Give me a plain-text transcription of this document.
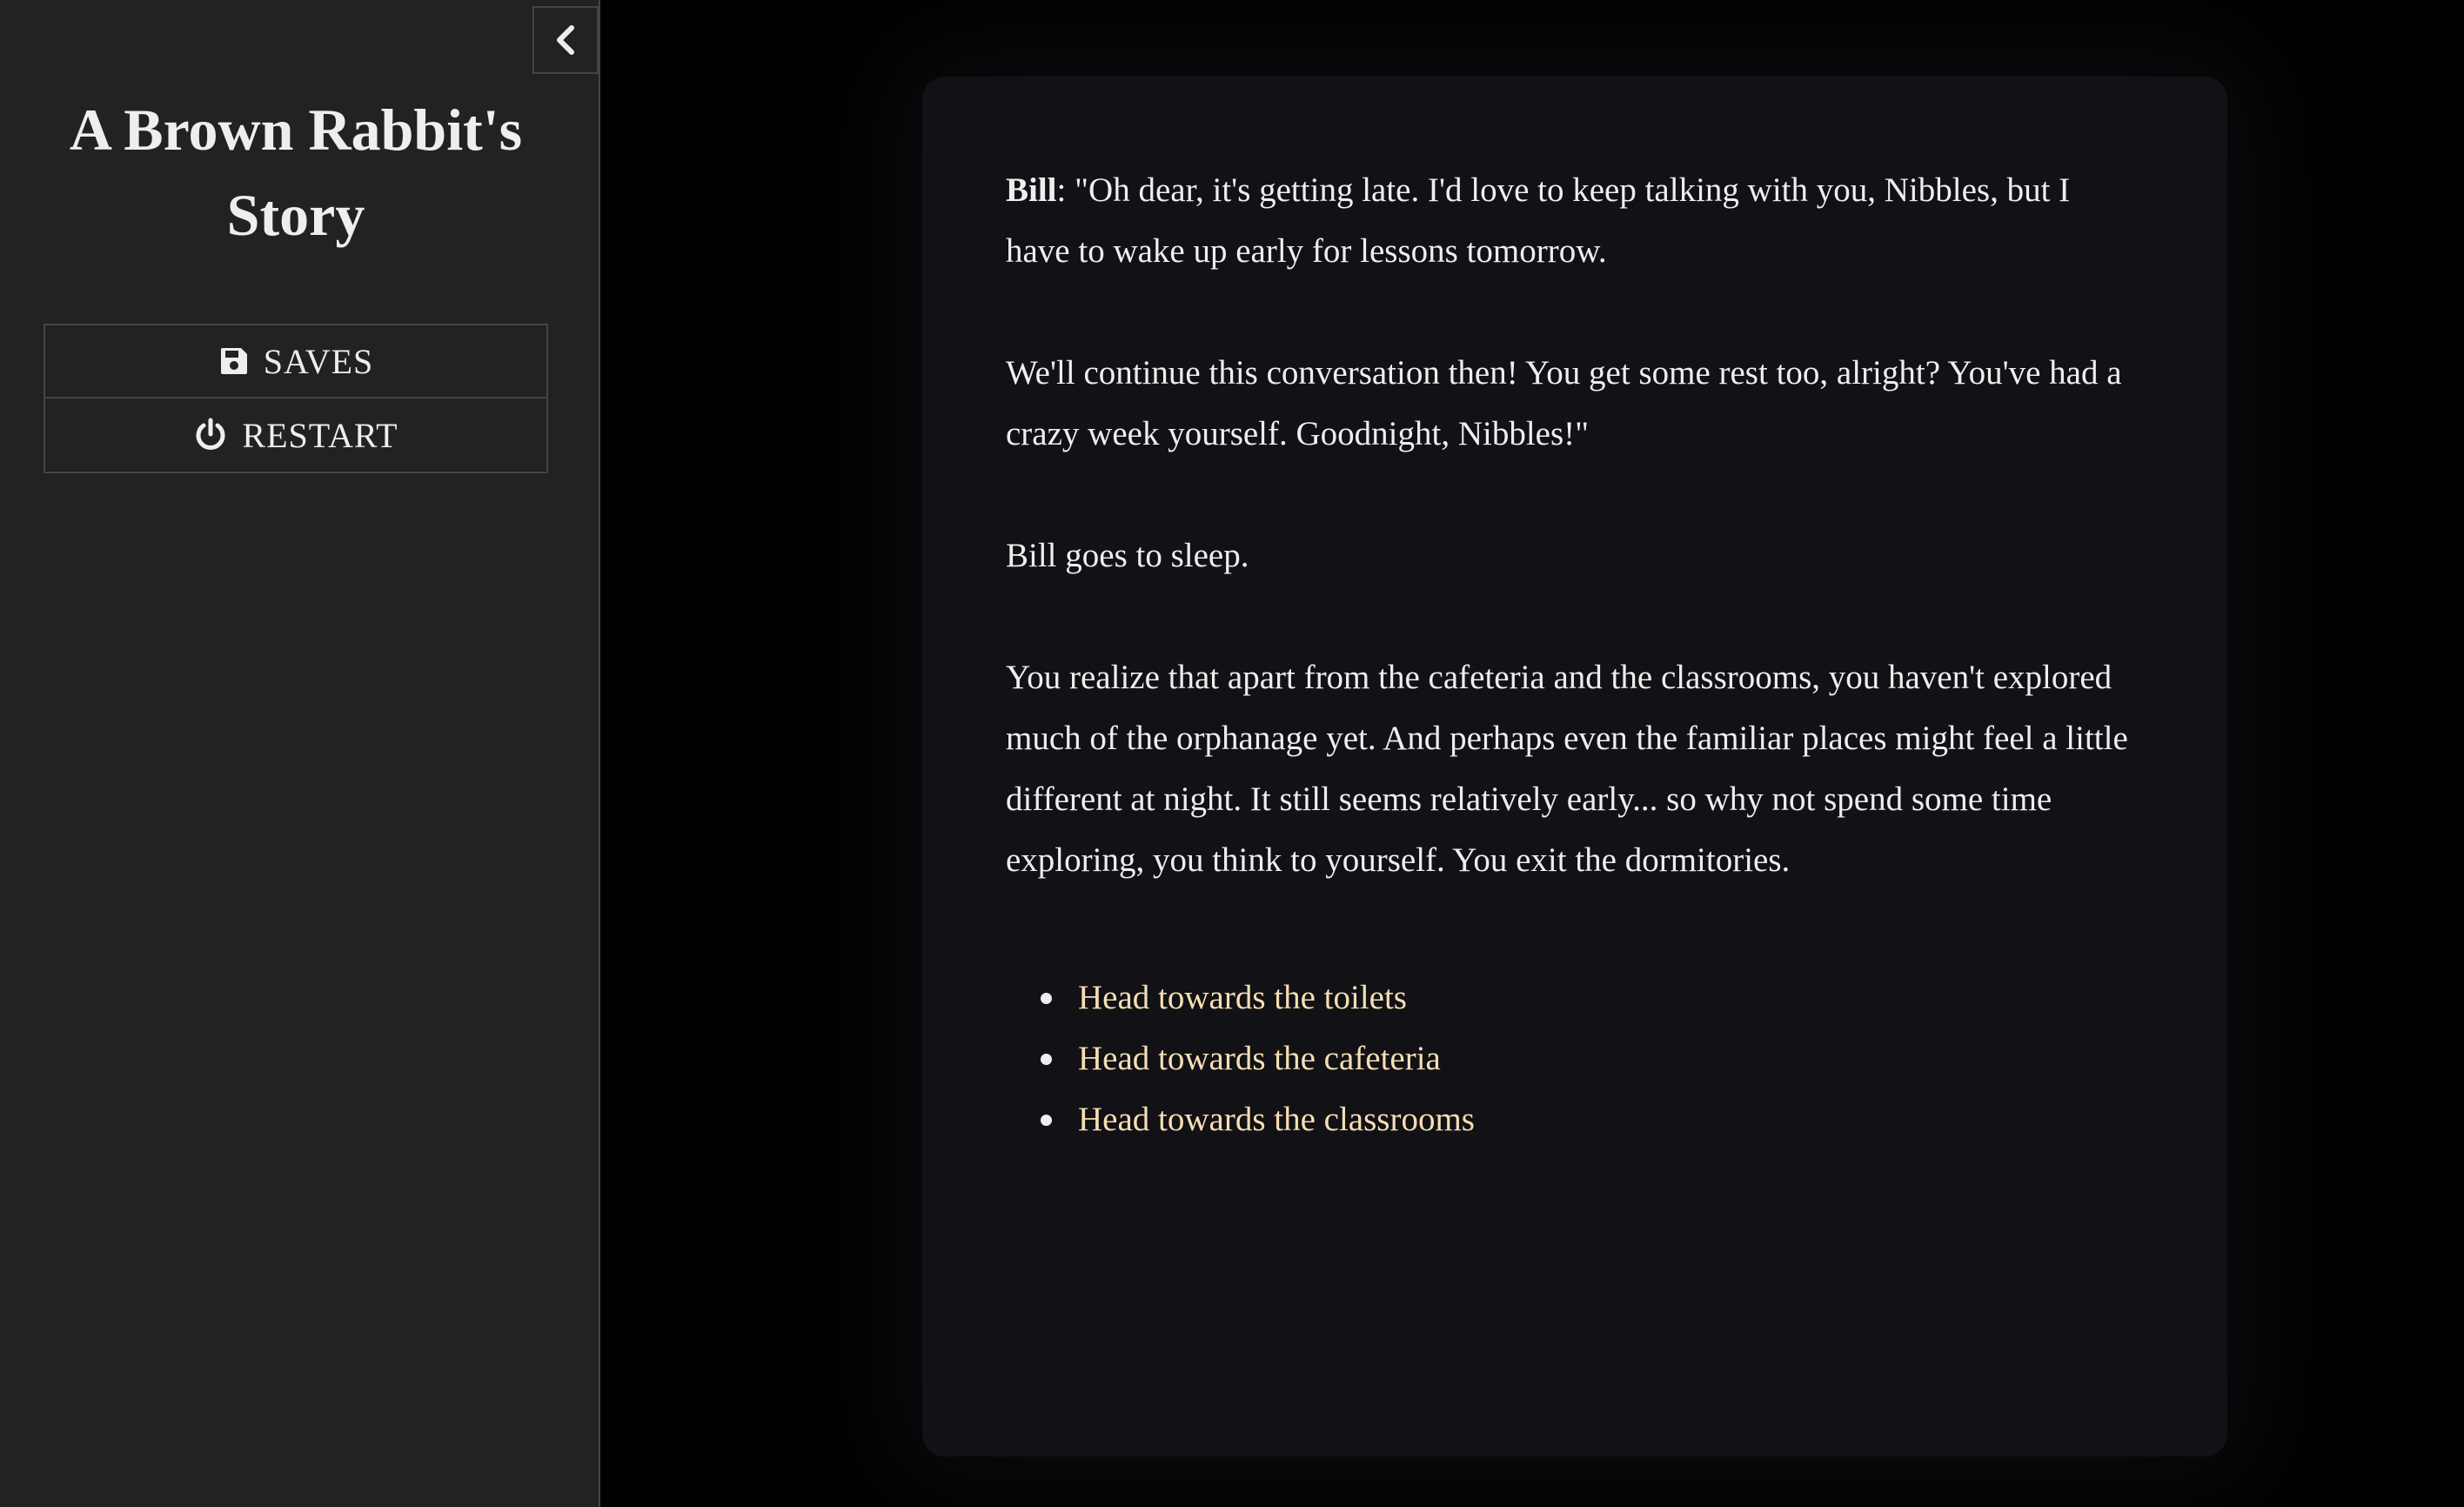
A Brown Rabbit's Story
SAVES
RESTART

Bill: "Oh dear, it's getting late. I'd love to keep talking with you, Nibbles, but I have to wake up early for lessons tomorrow.

We'll continue this conversation then! You get some rest too, alright? You've had a crazy week yourself. Goodnight, Nibbles!"

Bill goes to sleep.

You realize that apart from the cafeteria and the classrooms, you haven't explored much of the orphanage yet. And perhaps even the familiar places might feel a little different at night. It still seems relatively early... so why not spend some time exploring, you think to yourself. You exit the dormitories.

Head towards the toilets
Head towards the cafeteria
Head towards the classrooms
